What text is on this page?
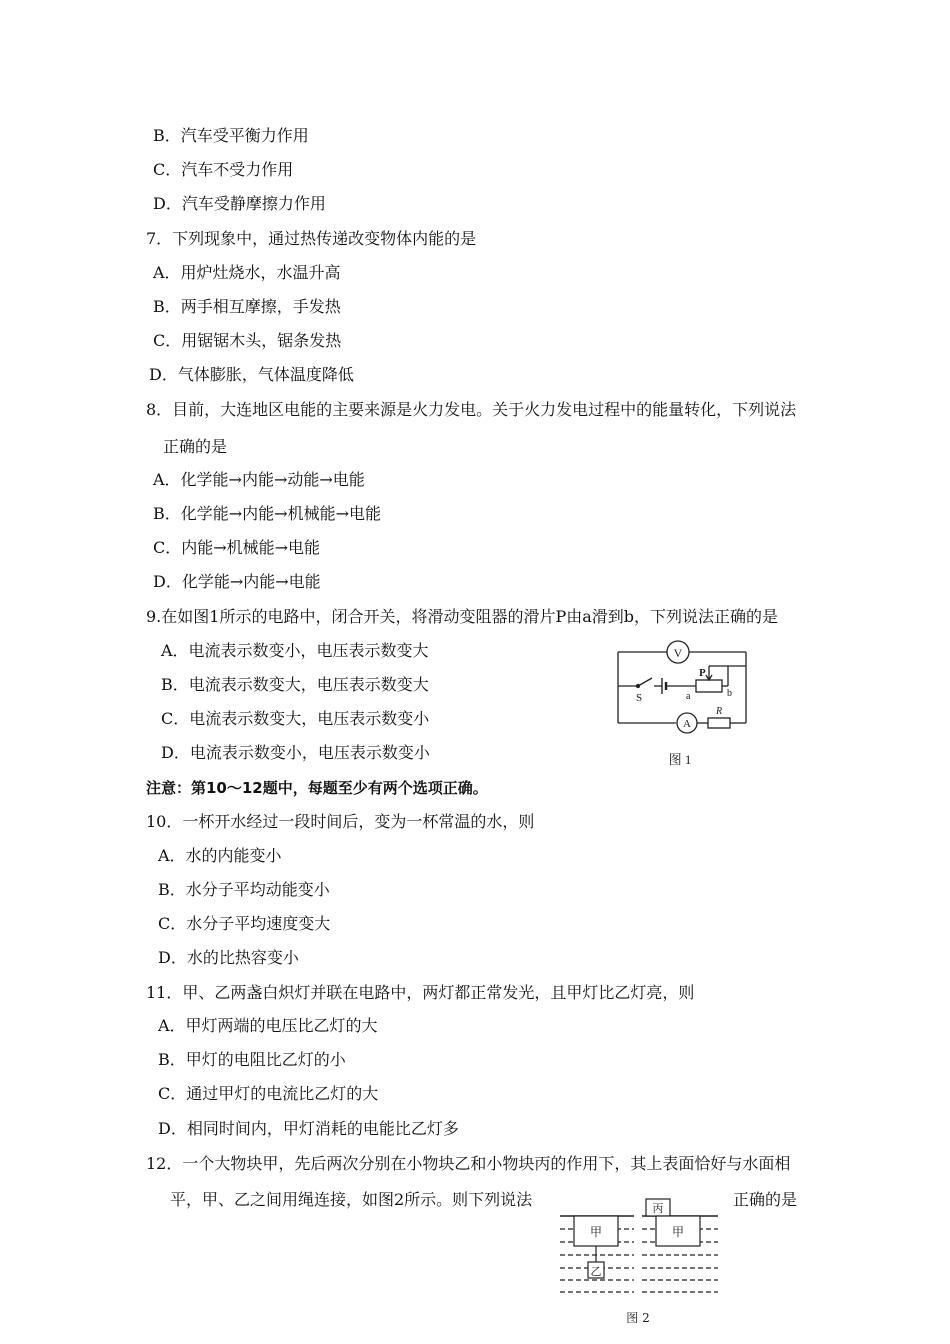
B．汽车受平衡力作用
C．汽车不受力作用
D．汽车受静摩擦力作用
7．下列现象中，通过热传递改变物体内能的是
A．用炉灶烧水，水温升高
B．两手相互摩擦，手发热
C．用锯锯木头，锯条发热
D．气体膨胀，气体温度降低
8．目前，大连地区电能的主要来源是火力发电。关于火力发电过程中的能量转化，下列说法
正确的是
A．化学能→内能→动能→电能
B．化学能→内能→机械能→电能
C．内能→机械能→电能
D．化学能→内能→电能
9.在如图1所示的电路中，闭合开关，将滑动变阻器的滑片P由a滑到b，下列说法正确的是
A．电流表示数变小，电压表示数变大
B．电流表示数变大，电压表示数变大
C．电流表示数变大，电压表示数变小
D．电流表示数变小，电压表示数变小
V
S
P
a	b
A
R
图 1
注意：第10～12题中，每题至少有两个选项正确。
10．一杯开水经过一段时间后，变为一杯常温的水，则
A．水的内能变小
B．水分子平均动能变小
C．水分子平均速度变大
D．水的比热容变小
11．甲、乙两盏白炽灯并联在电路中，两灯都正常发光，且甲灯比乙灯亮，则
A．甲灯两端的电压比乙灯的大
B．甲灯的电阻比乙灯的小
C．通过甲灯的电流比乙灯的大
D．相同时间内，甲灯消耗的电能比乙灯多
12．一个大物块甲，先后两次分别在小物块乙和小物块丙的作用下，其上表面恰好与水面相
平，甲、乙之间用绳连接，如图2所示。则下列说法	正确的是
甲
乙
丙
甲
图 2
